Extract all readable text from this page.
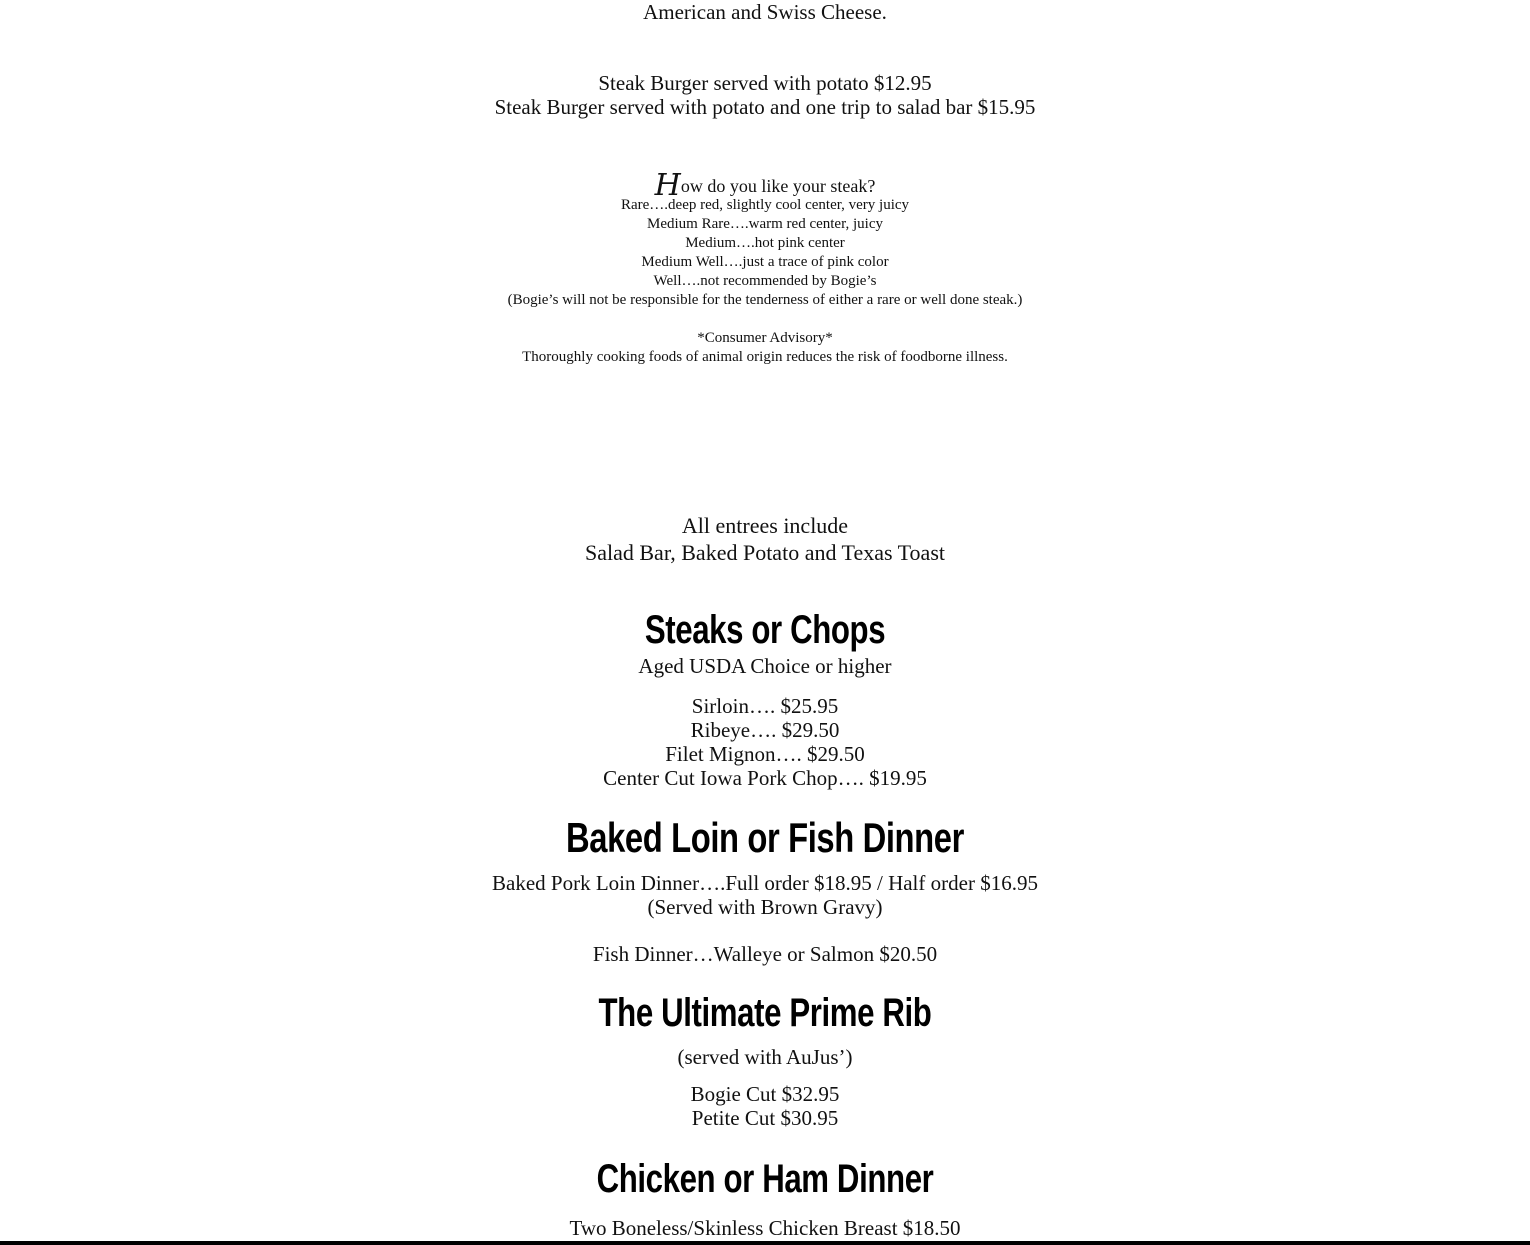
American and Swiss Cheese.
Steak Burger served with potato $12.95
Steak Burger served with potato and one trip to salad bar $15.95
How do you like your steak?
Rare….deep red, slightly cool center, very juicy
Medium Rare….warm red center, juicy
Medium….hot pink center
Medium Well….just a trace of pink color
Well….not recommended by Bogie’s
(Bogie’s will not be responsible for the tenderness of either a rare or well done steak.)
*Consumer Advisory*
Thoroughly cooking foods of animal origin reduces the risk of foodborne illness.
All entrees include
Salad Bar, Baked Potato and Texas Toast
Steaks or Chops
Aged USDA Choice or higher
Sirloin…. $25.95
Ribeye…. $29.50
Filet Mignon…. $29.50
Center Cut Iowa Pork Chop…. $19.95
Baked Loin or Fish Dinner
Baked Pork Loin Dinner….Full order $18.95 / Half order $16.95
(Served with Brown Gravy)
Fish Dinner…Walleye or Salmon $20.50
The Ultimate Prime Rib
(served with AuJus’)
Bogie Cut $32.95
Petite Cut $30.95
Chicken or Ham Dinner
Two Boneless/Skinless Chicken Breast $18.50
